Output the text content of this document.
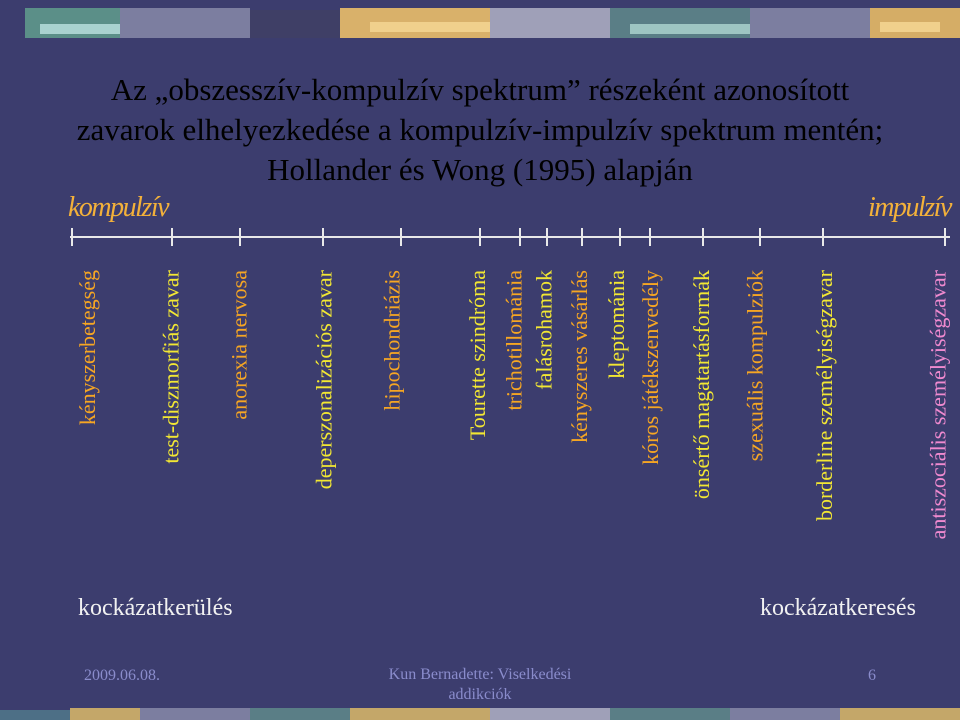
Az „obszesszív-kompulzív spektrum” részeként azonosított zavarok elhelyezkedése a kompulzív-impulzív spektrum mentén; Hollander és Wong (1995) alapján
kompulzív	impulzív
kényszerbetegség	test-diszmorfiás zavar anorexia nervosa	deperszonalizációs zavar hipochondriázis	Tourette szindróma trichotillománia falásrohamok kényszeres vásárlás kleptománia kóros játékszenvedély önsértő magatartásformák szexuális kompulziók borderline személyiségzavar	antiszociális személyiségzavar
kockázatkerülés	kockázatkeresés
2009.06.08.	Kun Bernadette: Viselkedési
addikciók
6
